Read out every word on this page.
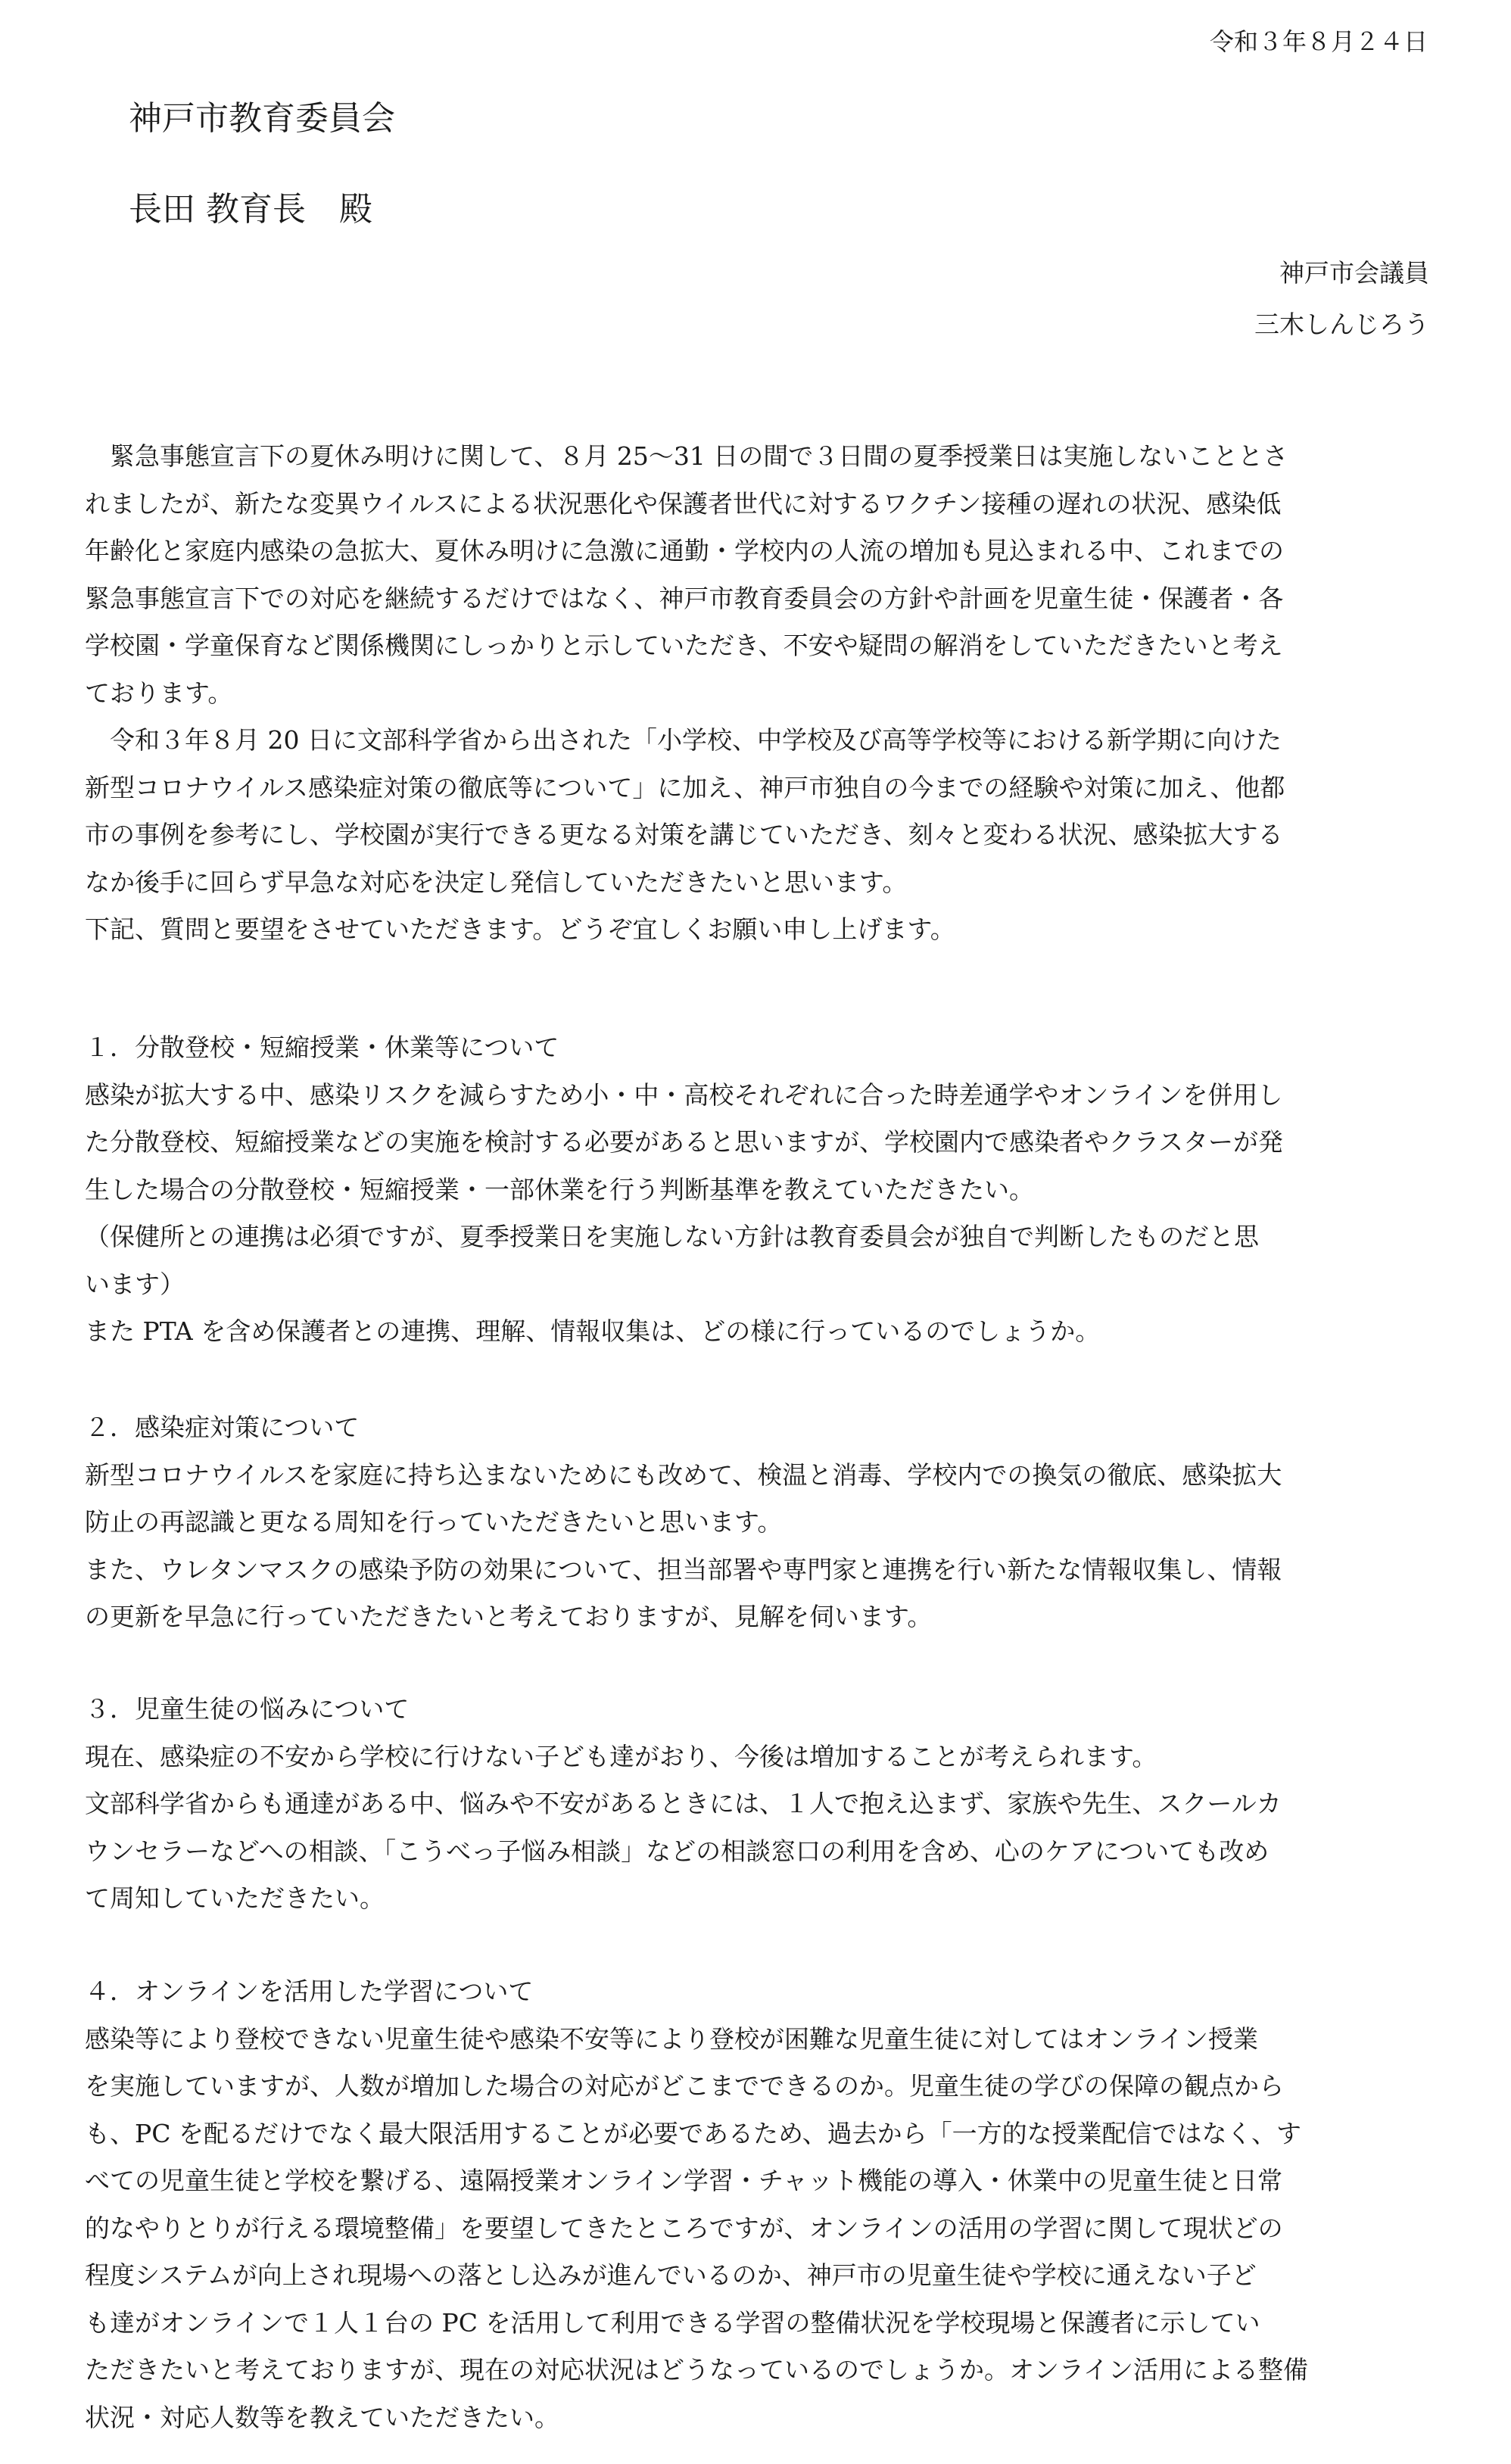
令和３年８月２４日
神戸市教育委員会
長田 教育長　殿
神戸市会議員
三木しんじろう
　緊急事態宣言下の夏休み明けに関して、８月 25～31 日の間で３日間の夏季授業日は実施しないこととさ
れましたが、新たな変異ウイルスによる状況悪化や保護者世代に対するワクチン接種の遅れの状況、感染低
年齢化と家庭内感染の急拡大、夏休み明けに急激に通勤・学校内の人流の増加も見込まれる中、これまでの
緊急事態宣言下での対応を継続するだけではなく、神戸市教育委員会の方針や計画を児童生徒・保護者・各
学校園・学童保育など関係機関にしっかりと示していただき、不安や疑問の解消をしていただきたいと考え
ております。
　令和３年８月 20 日に文部科学省から出された「小学校、中学校及び高等学校等における新学期に向けた
新型コロナウイルス感染症対策の徹底等について」に加え、神戸市独自の今までの経験や対策に加え、他都
市の事例を参考にし、学校園が実行できる更なる対策を講じていただき、刻々と変わる状況、感染拡大する
なか後手に回らず早急な対応を決定し発信していただきたいと思います。
下記、質問と要望をさせていただきます。どうぞ宜しくお願い申し上げます。
１．分散登校・短縮授業・休業等について
感染が拡大する中、感染リスクを減らすため小・中・高校それぞれに合った時差通学やオンラインを併用し
た分散登校、短縮授業などの実施を検討する必要があると思いますが、学校園内で感染者やクラスターが発
生した場合の分散登校・短縮授業・一部休業を行う判断基準を教えていただきたい。
（保健所との連携は必須ですが、夏季授業日を実施しない方針は教育委員会が独自で判断したものだと思
います）
また PTA を含め保護者との連携、理解、情報収集は、どの様に行っているのでしょうか。
２．感染症対策について
新型コロナウイルスを家庭に持ち込まないためにも改めて、検温と消毒、学校内での換気の徹底、感染拡大
防止の再認識と更なる周知を行っていただきたいと思います。
また、ウレタンマスクの感染予防の効果について、担当部署や専門家と連携を行い新たな情報収集し、情報
の更新を早急に行っていただきたいと考えておりますが、見解を伺います。
３．児童生徒の悩みについて
現在、感染症の不安から学校に行けない子ども達がおり、今後は増加することが考えられます。
文部科学省からも通達がある中、悩みや不安があるときには、１人で抱え込まず、家族や先生、スクールカ
ウンセラーなどへの相談、「こうべっ子悩み相談」などの相談窓口の利用を含め、心のケアについても改め
て周知していただきたい。
４．オンラインを活用した学習について
感染等により登校できない児童生徒や感染不安等により登校が困難な児童生徒に対してはオンライン授業
を実施していますが、人数が増加した場合の対応がどこまでできるのか。児童生徒の学びの保障の観点から
も、PC を配るだけでなく最大限活用することが必要であるため、過去から「一方的な授業配信ではなく、す
べての児童生徒と学校を繋げる、遠隔授業オンライン学習・チャット機能の導入・休業中の児童生徒と日常
的なやりとりが行える環境整備」を要望してきたところですが、オンラインの活用の学習に関して現状どの
程度システムが向上され現場への落とし込みが進んでいるのか、神戸市の児童生徒や学校に通えない子ど
も達がオンラインで１人１台の PC を活用して利用できる学習の整備状況を学校現場と保護者に示してい
ただきたいと考えておりますが、現在の対応状況はどうなっているのでしょうか。オンライン活用による整備
状況・対応人数等を教えていただきたい。
